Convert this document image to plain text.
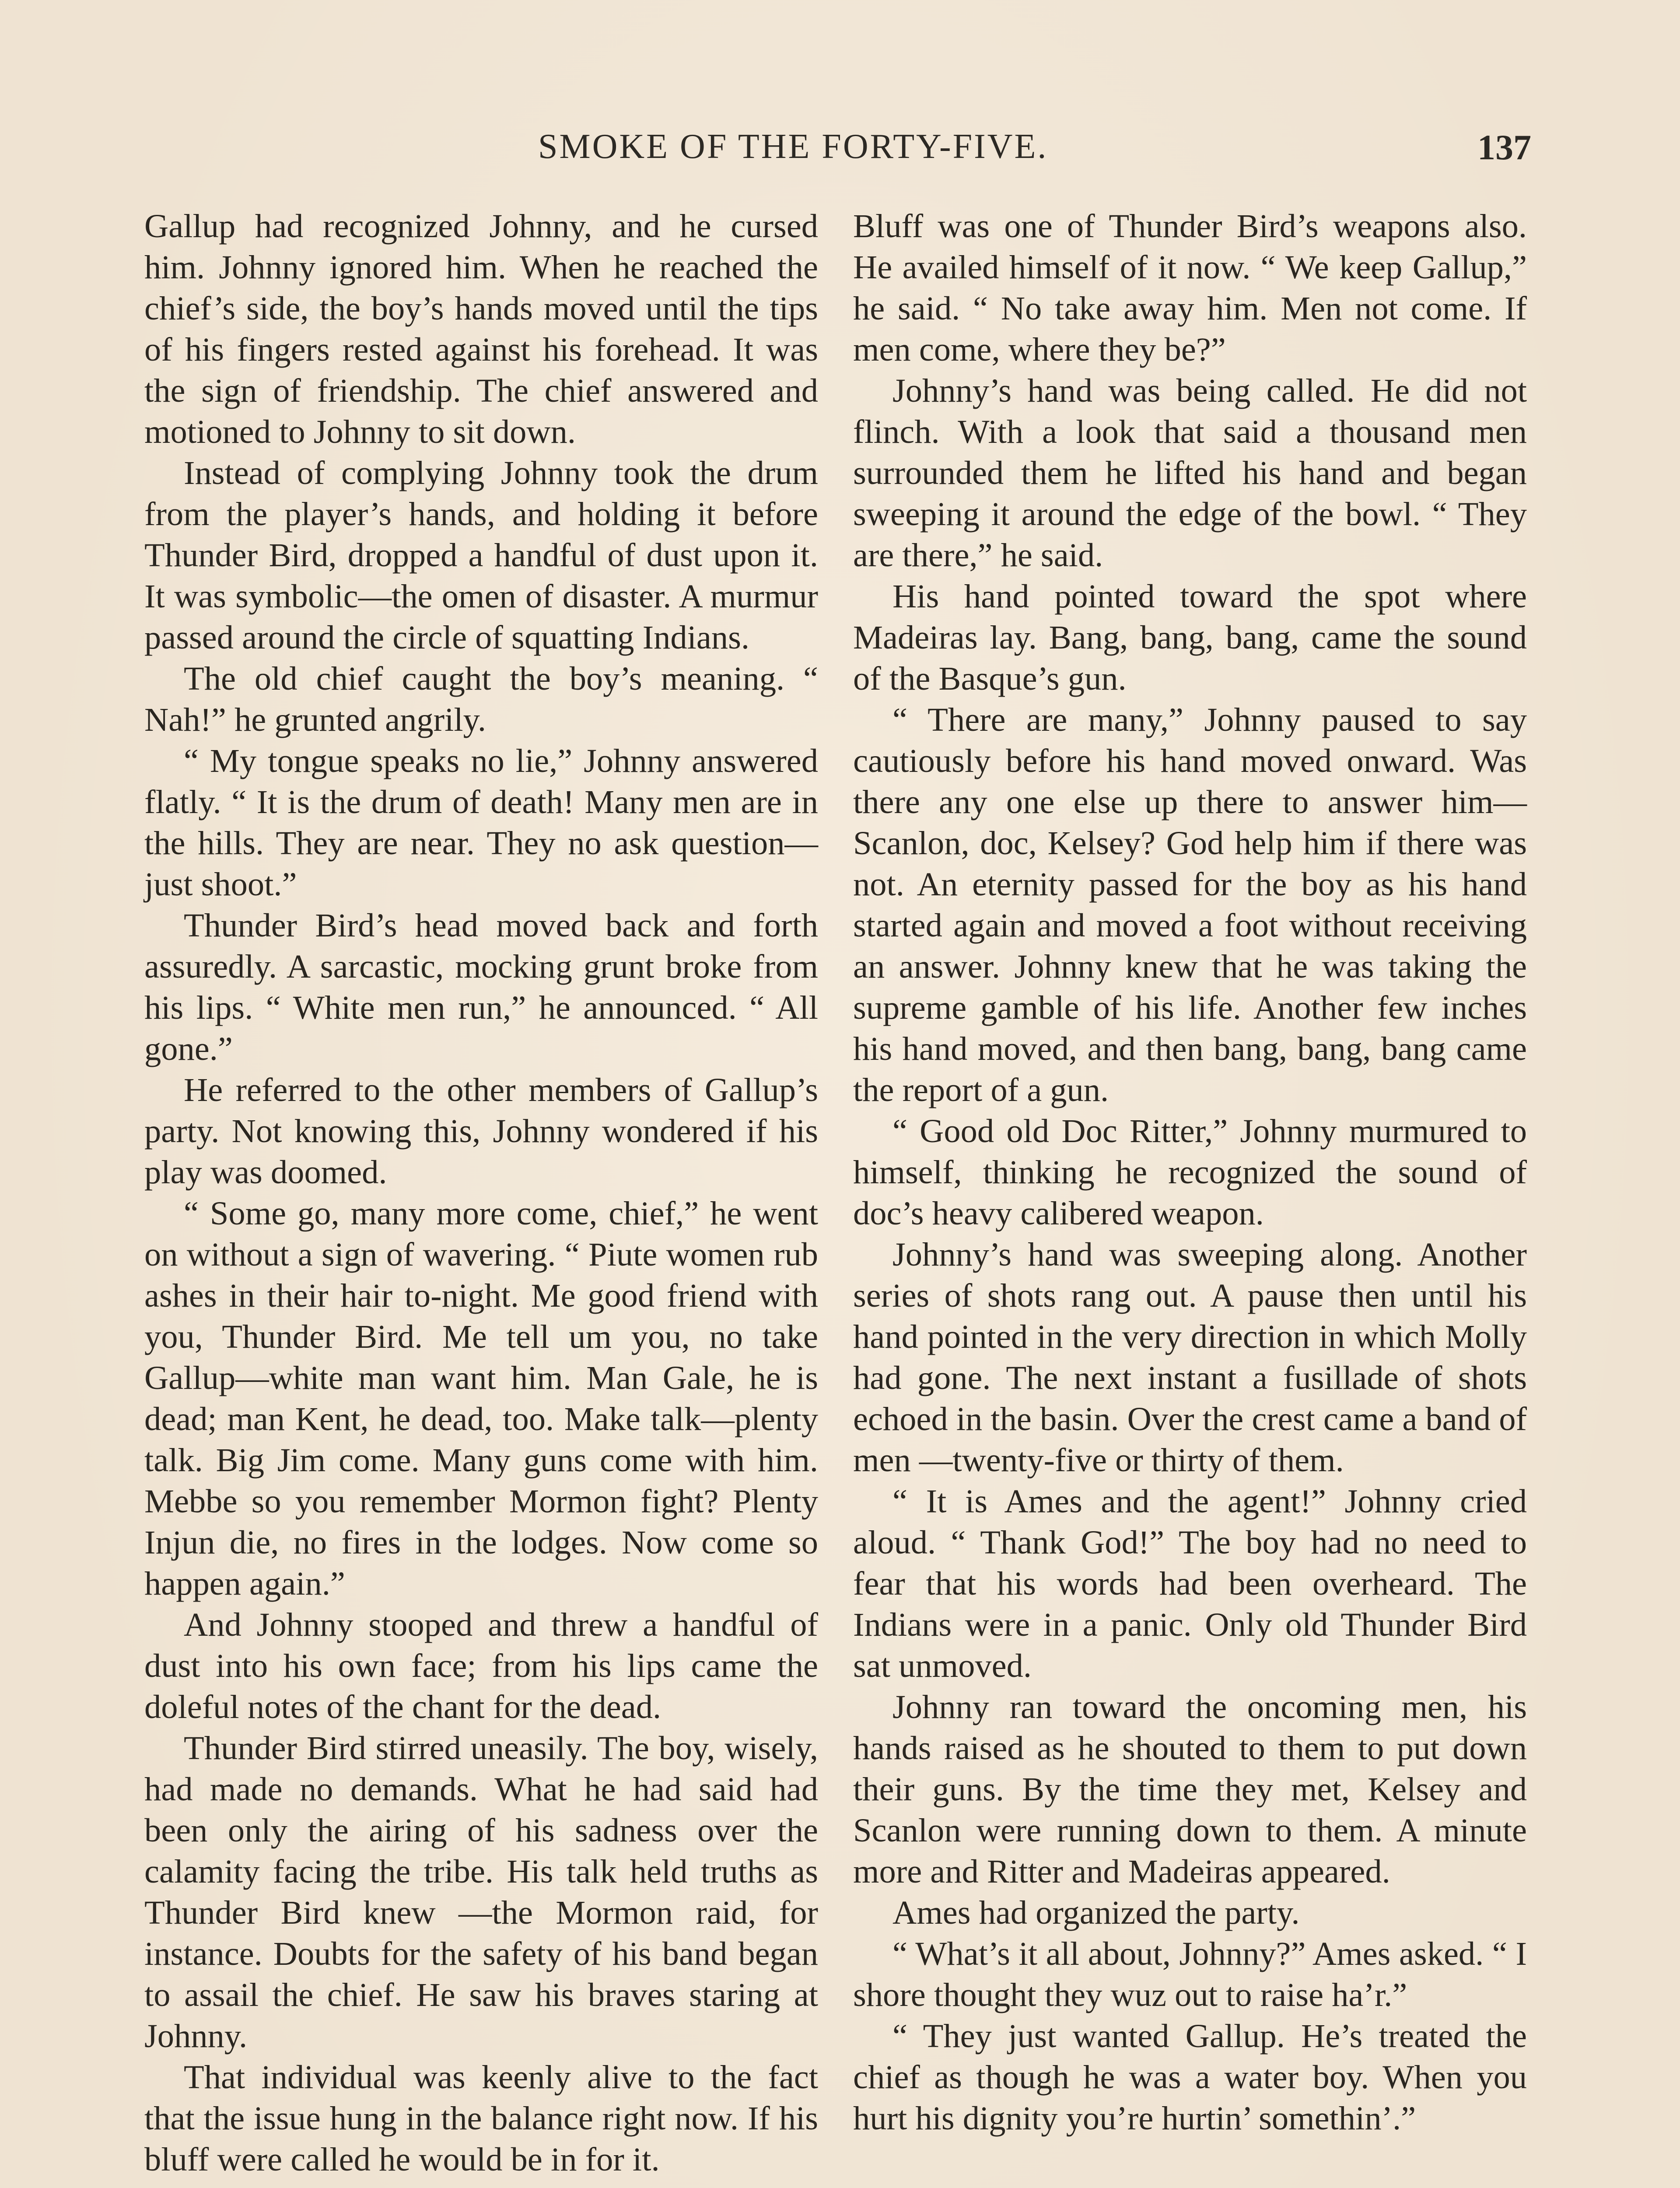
SMOKE OF THE FORTY-FIVE.	137

Gallup had recognized Johnny, and he cursed him. Johnny ignored him. When he reached the chief’s side, the boy’s hands moved until the tips of his fingers rested against his forehead. It was the sign of friendship. The chief answered and motioned to Johnny to sit down.

Instead of complying Johnny took the drum from the player’s hands, and holding it before Thunder Bird, dropped a handful of dust upon it. It was symbolic—the omen of disaster. A murmur passed around the circle of squatting Indians.

The old chief caught the boy’s meaning. “ Nah!” he grunted angrily.

“ My tongue speaks no lie,” Johnny answered flatly. “ It is the drum of death! Many men are in the hills. They are near. They no ask question—just shoot.”

Thunder Bird’s head moved back and forth assuredly. A sarcastic, mocking grunt broke from his lips. “ White men run,” he announced. “ All gone.”

He referred to the other members of Gallup’s party. Not knowing this, Johnny wondered if his play was doomed.

“ Some go, many more come, chief,” he went on without a sign of wavering. “ Piute women rub ashes in their hair to-night. Me good friend with you, Thunder Bird. Me tell um you, no take Gallup—white man want him. Man Gale, he is dead; man Kent, he dead, too. Make talk—plenty talk. Big Jim come. Many guns come with him. Mebbe so you remember Mormon fight? Plenty Injun die, no fires in the lodges. Now come so happen again.”

And Johnny stooped and threw a handful of dust into his own face; from his lips came the doleful notes of the chant for the dead.

Thunder Bird stirred uneasily. The boy, wisely, had made no demands. What he had said had been only the airing of his sadness over the calamity facing the tribe. His talk held truths as Thunder Bird knew —the Mormon raid, for instance. Doubts for the safety of his band began to assail the chief. He saw his braves staring at Johnny.

That individual was keenly alive to the fact that the issue hung in the balance right now. If his bluff were called he would be in for it.

Bluff was one of Thunder Bird’s weapons also. He availed himself of it now. “ We keep Gallup,” he said. “ No take away him. Men not come. If men come, where they be?”

Johnny’s hand was being called. He did not flinch. With a look that said a thousand men surrounded them he lifted his hand and began sweeping it around the edge of the bowl. “ They are there,” he said.

His hand pointed toward the spot where Madeiras lay. Bang, bang, bang, came the sound of the Basque’s gun.

“ There are many,” Johnny paused to say cautiously before his hand moved onward. Was there any one else up there to answer him—Scanlon, doc, Kelsey? God help him if there was not. An eternity passed for the boy as his hand started again and moved a foot without receiving an answer. Johnny knew that he was taking the supreme gamble of his life. Another few inches his hand moved, and then bang, bang, bang came the report of a gun.

“ Good old Doc Ritter,” Johnny murmured to himself, thinking he recognized the sound of doc’s heavy calibered weapon.

Johnny’s hand was sweeping along. Another series of shots rang out. A pause then until his hand pointed in the very direction in which Molly had gone. The next instant a fusillade of shots echoed in the basin. Over the crest came a band of men —twenty-five or thirty of them.

“ It is Ames and the agent!” Johnny cried aloud. “ Thank God!” The boy had no need to fear that his words had been overheard. The Indians were in a panic. Only old Thunder Bird sat unmoved.

Johnny ran toward the oncoming men, his hands raised as he shouted to them to put down their guns. By the time they met, Kelsey and Scanlon were running down to them. A minute more and Ritter and Madeiras appeared.

Ames had organized the party.

“ What’s it all about, Johnny?” Ames asked. “ I shore thought they wuz out to raise ha’r.”

“ They just wanted Gallup. He’s treated the chief as though he was a water boy. When you hurt his dignity you’re hurtin’ somethin’.”
